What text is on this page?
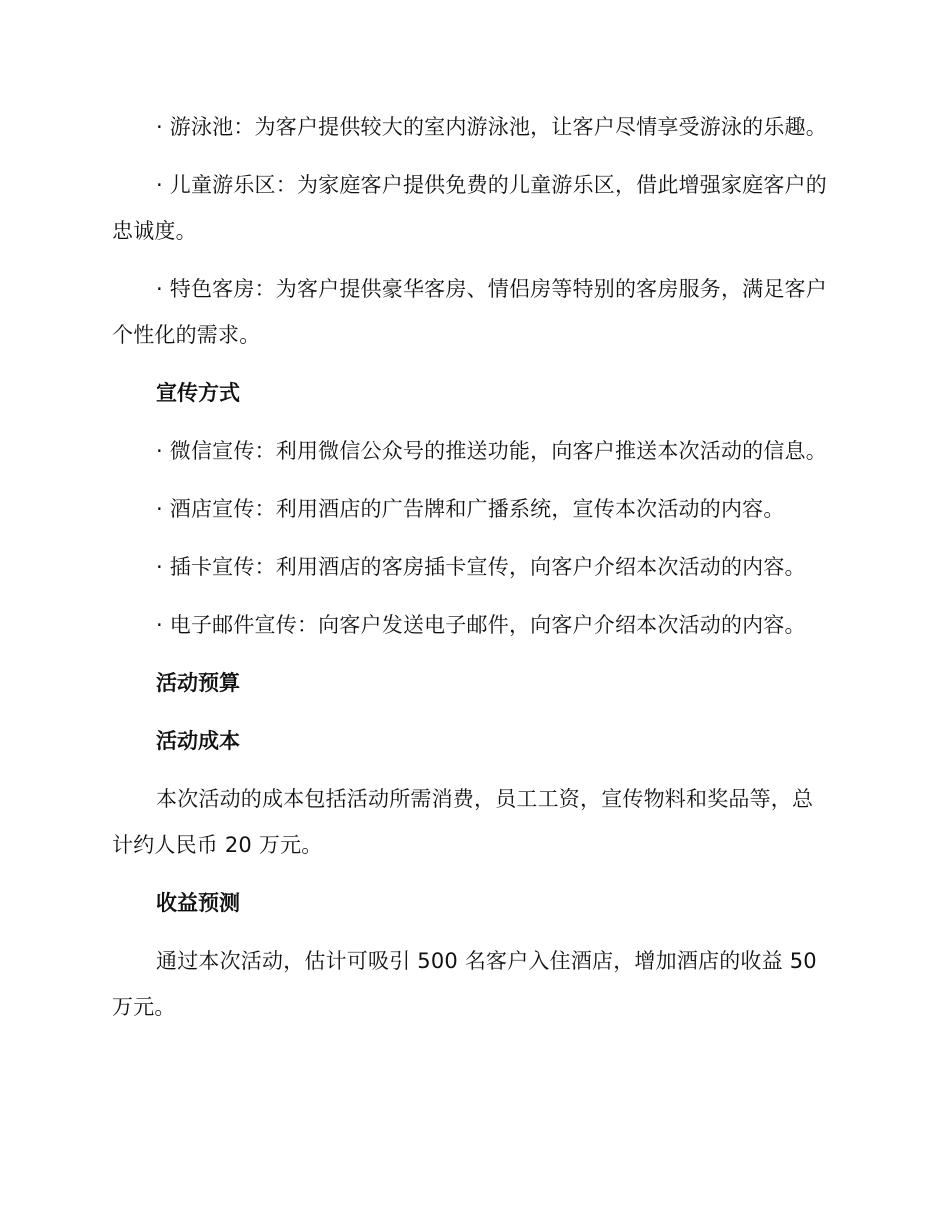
· 游泳池：为客户提供较大的室内游泳池，让客户尽情享受游泳的乐趣。

· 儿童游乐区：为家庭客户提供免费的儿童游乐区，借此增强家庭客户的忠诚度。

· 特色客房：为客户提供豪华客房、情侣房等特别的客房服务，满足客户个性化的需求。

宣传方式

· 微信宣传：利用微信公众号的推送功能，向客户推送本次活动的信息。

· 酒店宣传：利用酒店的广告牌和广播系统，宣传本次活动的内容。

· 插卡宣传：利用酒店的客房插卡宣传，向客户介绍本次活动的内容。

· 电子邮件宣传：向客户发送电子邮件，向客户介绍本次活动的内容。

活动预算

活动成本

本次活动的成本包括活动所需消费，员工工资，宣传物料和奖品等，总计约人民币 20 万元。

收益预测

通过本次活动，估计可吸引 500 名客户入住酒店，增加酒店的收益 50 万元。
